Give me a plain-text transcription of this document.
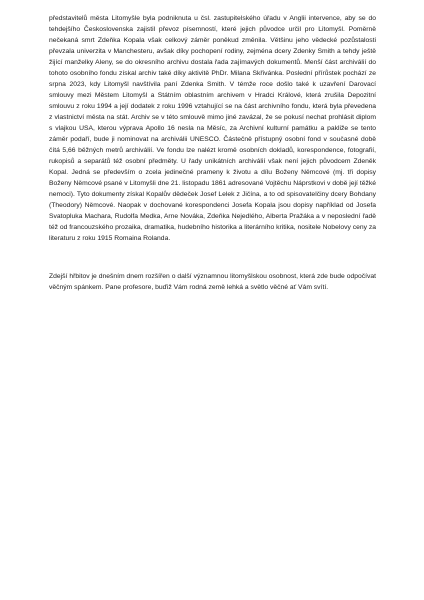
představitelů města Litomyšle byla podniknuta u čsl. zastupitelského úřadu v Anglii intervence, aby se do tehdejšího Československa zajistil převoz písemností, které jejich původce určil pro Litomyšl. Poměrně nečekaná smrt Zdeňka Kopala však celkový záměr poněkud změnila. Většinu jeho vědecké pozůstalosti převzala univerzita v Manchesteru, avšak díky pochopení rodiny, zejména dcery Zdenky Smith a tehdy ještě žijící manželky Aleny, se do okresního archivu dostala řada zajímavých dokumentů. Menší část archiválií do tohoto osobního fondu získal archiv také díky aktivitě PhDr. Milana Skřivánka. Poslední přírůstek pochází ze srpna 2023, kdy Litomyšl navštívila paní Zdenka Smith. V témže roce došlo také k uzavření Darovací smlouvy mezi Městem Litomyšl a Státním oblastním archivem v Hradci Králové, která zrušila Depozitní smlouvu z roku 1994 a její dodatek z roku 1996 vztahující se na část archivního fondu, která byla převedena z vlastnictví města na stát. Archiv se v této smlouvě mimo jiné zavázal, že se pokusí nechat prohlásit diplom s vlajkou USA, kterou výprava Apollo 16 nesla na Měsíc, za Archivní kulturní památku a pakliže se tento záměr podaří, bude ji nominovat na archiválii UNESCO. Částečně přístupný osobní fond v současné době čítá 5,66 běžných metrů archiválií. Ve fondu lze nalézt kromě osobních dokladů, korespondence, fotografií, rukopisů a separátů též osobní předměty. U řady unikátních archiválií však není jejich původcem Zdeněk Kopal. Jedná se především o zcela jedinečné prameny k životu a dílu Boženy Němcové (mj. tři dopisy Boženy Němcové psané v Litomyšli dne 21. listopadu 1861 adresované Vojtěchu Náprstkovi v době její těžké nemoci). Tyto dokumenty získal Kopalův dědeček Josef Lelek z Jičína, a to od spisovatelčiny dcery Bohdany (Theodory) Němcové. Naopak v dochované korespondenci Josefa Kopala jsou dopisy například od Josefa Svatopluka Machara, Rudolfa Medka, Arne Nováka, Zdeňka Nejedlého, Alberta Pražáka a v neposlední řadě též od francouzského prozaika, dramatika, hudebního historika a literárního kritika, nositele Nobelovy ceny za literaturu z roku 1915 Romaina Rolanda.

Zdejší hřbitov je dnešním dnem rozšířen o další významnou litomyšlskou osobnost, která zde bude odpočívat věčným spánkem. Pane profesore, buďiž Vám rodná země lehká a světlo věčné ať Vám svítí.
